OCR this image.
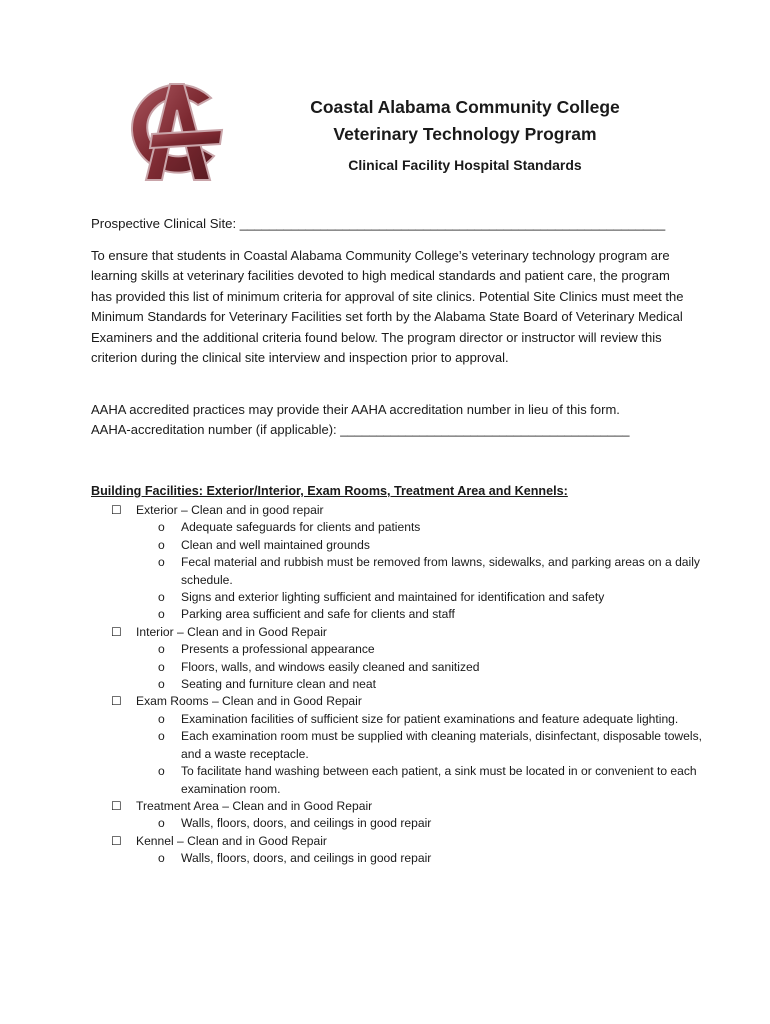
Coastal Alabama Community College
Veterinary Technology Program
Clinical Facility Hospital Standards
Prospective Clinical Site: __________________________________________________________
To ensure that students in Coastal Alabama Community College’s veterinary technology program are learning skills at veterinary facilities devoted to high medical standards and patient care, the program has provided this list of minimum criteria for approval of site clinics. Potential Site Clinics must meet the Minimum Standards for Veterinary Facilities set forth by the Alabama State Board of Veterinary Medical Examiners and the additional criteria found below. The program director or instructor will review this criterion during the clinical site interview and inspection prior to approval.
AAHA accredited practices may provide their AAHA accreditation number in lieu of this form.
AAHA-accreditation number (if applicable): ________________________________________
Building Facilities: Exterior/Interior, Exam Rooms, Treatment Area and Kennels:
☐ Exterior – Clean and in good repair
o Adequate safeguards for clients and patients
o Clean and well maintained grounds
o Fecal material and rubbish must be removed from lawns, sidewalks, and parking areas on a daily schedule.
o Signs and exterior lighting sufficient and maintained for identification and safety
o Parking area sufficient and safe for clients and staff
☐ Interior – Clean and in Good Repair
o Presents a professional appearance
o Floors, walls, and windows easily cleaned and sanitized
o Seating and furniture clean and neat
☐ Exam Rooms – Clean and in Good Repair
o Examination facilities of sufficient size for patient examinations and feature adequate lighting.
o Each examination room must be supplied with cleaning materials, disinfectant, disposable towels, and a waste receptacle.
o To facilitate hand washing between each patient, a sink must be located in or convenient to each examination room.
☐ Treatment Area – Clean and in Good Repair
o Walls, floors, doors, and ceilings in good repair
☐ Kennel – Clean and in Good Repair
o Walls, floors, doors, and ceilings in good repair
